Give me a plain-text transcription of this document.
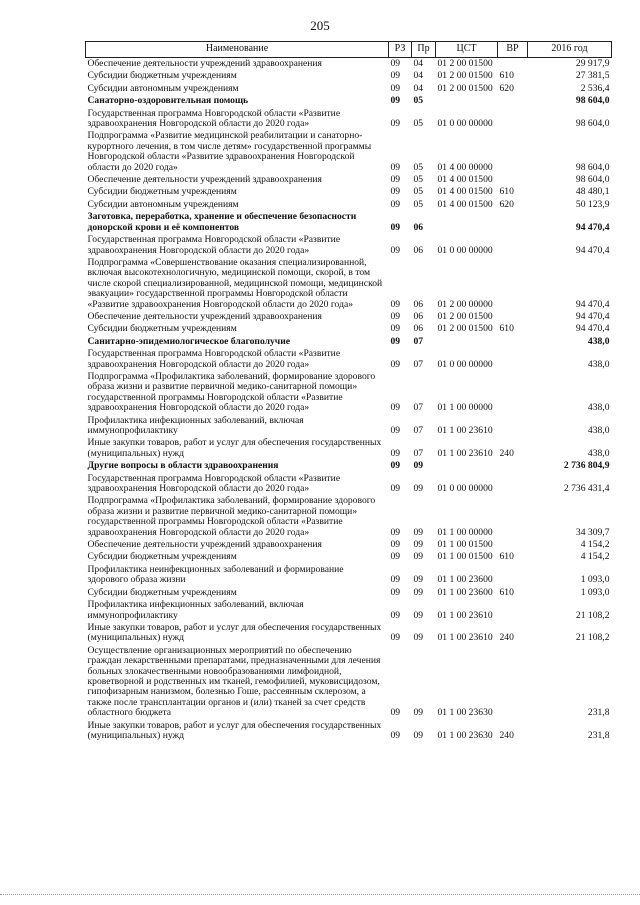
205
Наименование	РЗ	Пр	ЦСТ	ВР	2016 год
Обеспечение деятельности учреждений здравоохранения	09	04	01 2 00 01500		29 917,9
Субсидии бюджетным учреждениям	09	04	01 2 00 01500	610	27 381,5
Субсидии автономным учреждениям	09	04	01 2 00 01500	620	2 536,4
Санаторно-оздоровительная помощь	09	05			98 604,0
Государственная программа Новгородской области «Развитие здравоохранения Новгородской области до 2020 года»	09	05	01 0 00 00000		98 604,0
Подпрограмма «Развитие медицинской реабилитации и санаторно-курортного лечения, в том числе детям» государственной программы Новгородской области «Развитие здравоохранения Новгородской области до 2020 года»	09	05	01 4 00 00000		98 604,0
Обеспечение деятельности учреждений здравоохранения	09	05	01 4 00 01500		98 604,0
Субсидии бюджетным учреждениям	09	05	01 4 00 01500	610	48 480,1
Субсидии автономным учреждениям	09	05	01 4 00 01500	620	50 123,9
Заготовка, переработка, хранение и обеспечение безопасности донорской крови и её компонентов	09	06			94 470,4
Государственная программа Новгородской области «Развитие здравоохранения Новгородской области до 2020 года»	09	06	01 0 00 00000		94 470,4
Подпрограмма «Совершенствование оказания специализированной, включая высокотехнологичную, медицинской помощи, скорой, в том числе скорой специализированной, медицинской помощи, медицинской эвакуации» государственной программы Новгородской области «Развитие здравоохранения Новгородской области до 2020 года»	09	06	01 2 00 00000		94 470,4
Обеспечение деятельности учреждений здравоохранения	09	06	01 2 00 01500		94 470,4
Субсидии бюджетным учреждениям	09	06	01 2 00 01500	610	94 470,4
Санитарно-эпидемиологическое благополучие	09	07			438,0
Государственная программа Новгородской области «Развитие здравоохранения Новгородской области до 2020 года»	09	07	01 0 00 00000		438,0
Подпрограмма «Профилактика заболеваний, формирование здорового образа жизни и развитие первичной медико-санитарной помощи» государственной программы Новгородской области «Развитие здравоохранения Новгородской области до 2020 года»	09	07	01 1 00 00000		438,0
Профилактика инфекционных заболеваний, включая иммунопрофилактику	09	07	01 1 00 23610		438,0
Иные закупки товаров, работ и услуг для обеспечения государственных (муниципальных) нужд	09	07	01 1 00 23610	240	438,0
Другие вопросы в области здравоохранения	09	09			2 736 804,9
Государственная программа Новгородской области «Развитие здравоохранения Новгородской области до 2020 года»	09	09	01 0 00 00000		2 736 431,4
Подпрограмма «Профилактика заболеваний, формирование здорового образа жизни и развитие первичной медико-санитарной помощи» государственной программы Новгородской области «Развитие здравоохранения Новгородской области до 2020 года»	09	09	01 1 00 00000		34 309,7
Обеспечение деятельности учреждений здравоохранения	09	09	01 1 00 01500		4 154,2
Субсидии бюджетным учреждениям	09	09	01 1 00 01500	610	4 154,2
Профилактика неинфекционных заболеваний и формирование здорового образа жизни	09	09	01 1 00 23600		1 093,0
Субсидии бюджетным учреждениям	09	09	01 1 00 23600	610	1 093,0
Профилактика инфекционных заболеваний, включая иммунопрофилактику	09	09	01 1 00 23610		21 108,2
Иные закупки товаров, работ и услуг для обеспечения государственных (муниципальных) нужд	09	09	01 1 00 23610	240	21 108,2
Осуществление организационных мероприятий по обеспечению граждан лекарственными препаратами, предназначенными для лечения больных злокачественными новообразованиями лимфоидной, кроветворной и родственных им тканей, гемофилией, муковисцидозом, гипофизарным нанизмом, болезнью Гоше, рассеянным склерозом, а также после трансплантации органов и (или) тканей за счет средств областного бюджета	09	09	01 1 00 23630		231,8
Иные закупки товаров, работ и услуг для обеспечения государственных (муниципальных) нужд	09	09	01 1 00 23630	240	231,8
